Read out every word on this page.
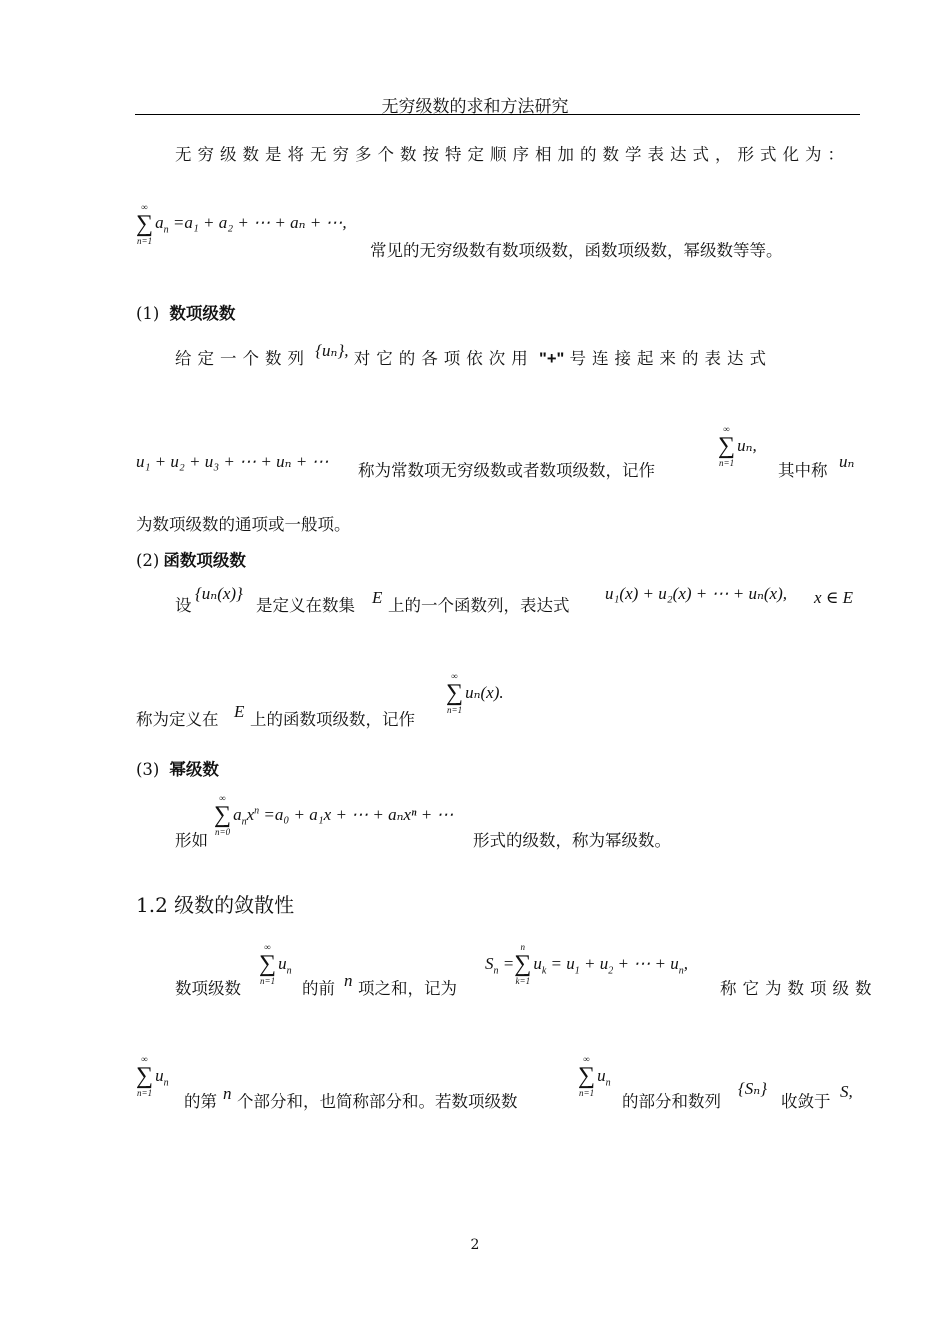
无穷级数的求和方法研究
无穷级数是将无穷多个数按特定顺序相加的数学表达式，形式化为：
∞
∑
n=1
$a_n =a_1 + a_2$ + ⋯ + aₙ + ⋯,
常见的无穷级数有数项级数，函数项级数，幂级数等等。
(1) 数项级数
给定一个数列 {uₙ}, 对它的各项依次用 "+" 号连接起来的表达式
u₁ + u₂ + u₃ + ⋯ + uₙ + ⋯ 称为常数项无穷级数或者数项级数，记作
∞
∑
n=1
uₙ,
其中称 uₙ
为数项级数的通项或一般项。
(2) 函数项级数
设
{uₙ(x)}
是定义在数集 E 上的一个函数列，表达式
u₁(x) + u₂(x) + ⋯ + uₙ(x), x ∈ E
称为定义在 E 上的函数项级数，记作
∞
∑
n=1
uₙ(x).
(3) 幂级数
形如
∞
∑
n=0
$a_nx^n =a_0 + a_1x$ + ⋯ + aₙxⁿ + ⋯
形式的级数，称为幂级数。
1.2 级数的敛散性
数项级数
∞
∑
n=1
$u_n$
的前 n 项之和，记为
$S_n$ =
n
∑
k=1
$u_k = u_1 + u_2$ + ⋯ + $u_n$,
称它为数项级数
∞
∑
n=1
$u_n$
的第 n 个部分和，也简称部分和。若数项级数
∞
∑
n=1
$u_n$
的部分和数列
{Sₙ}
收敛于
S,
2
